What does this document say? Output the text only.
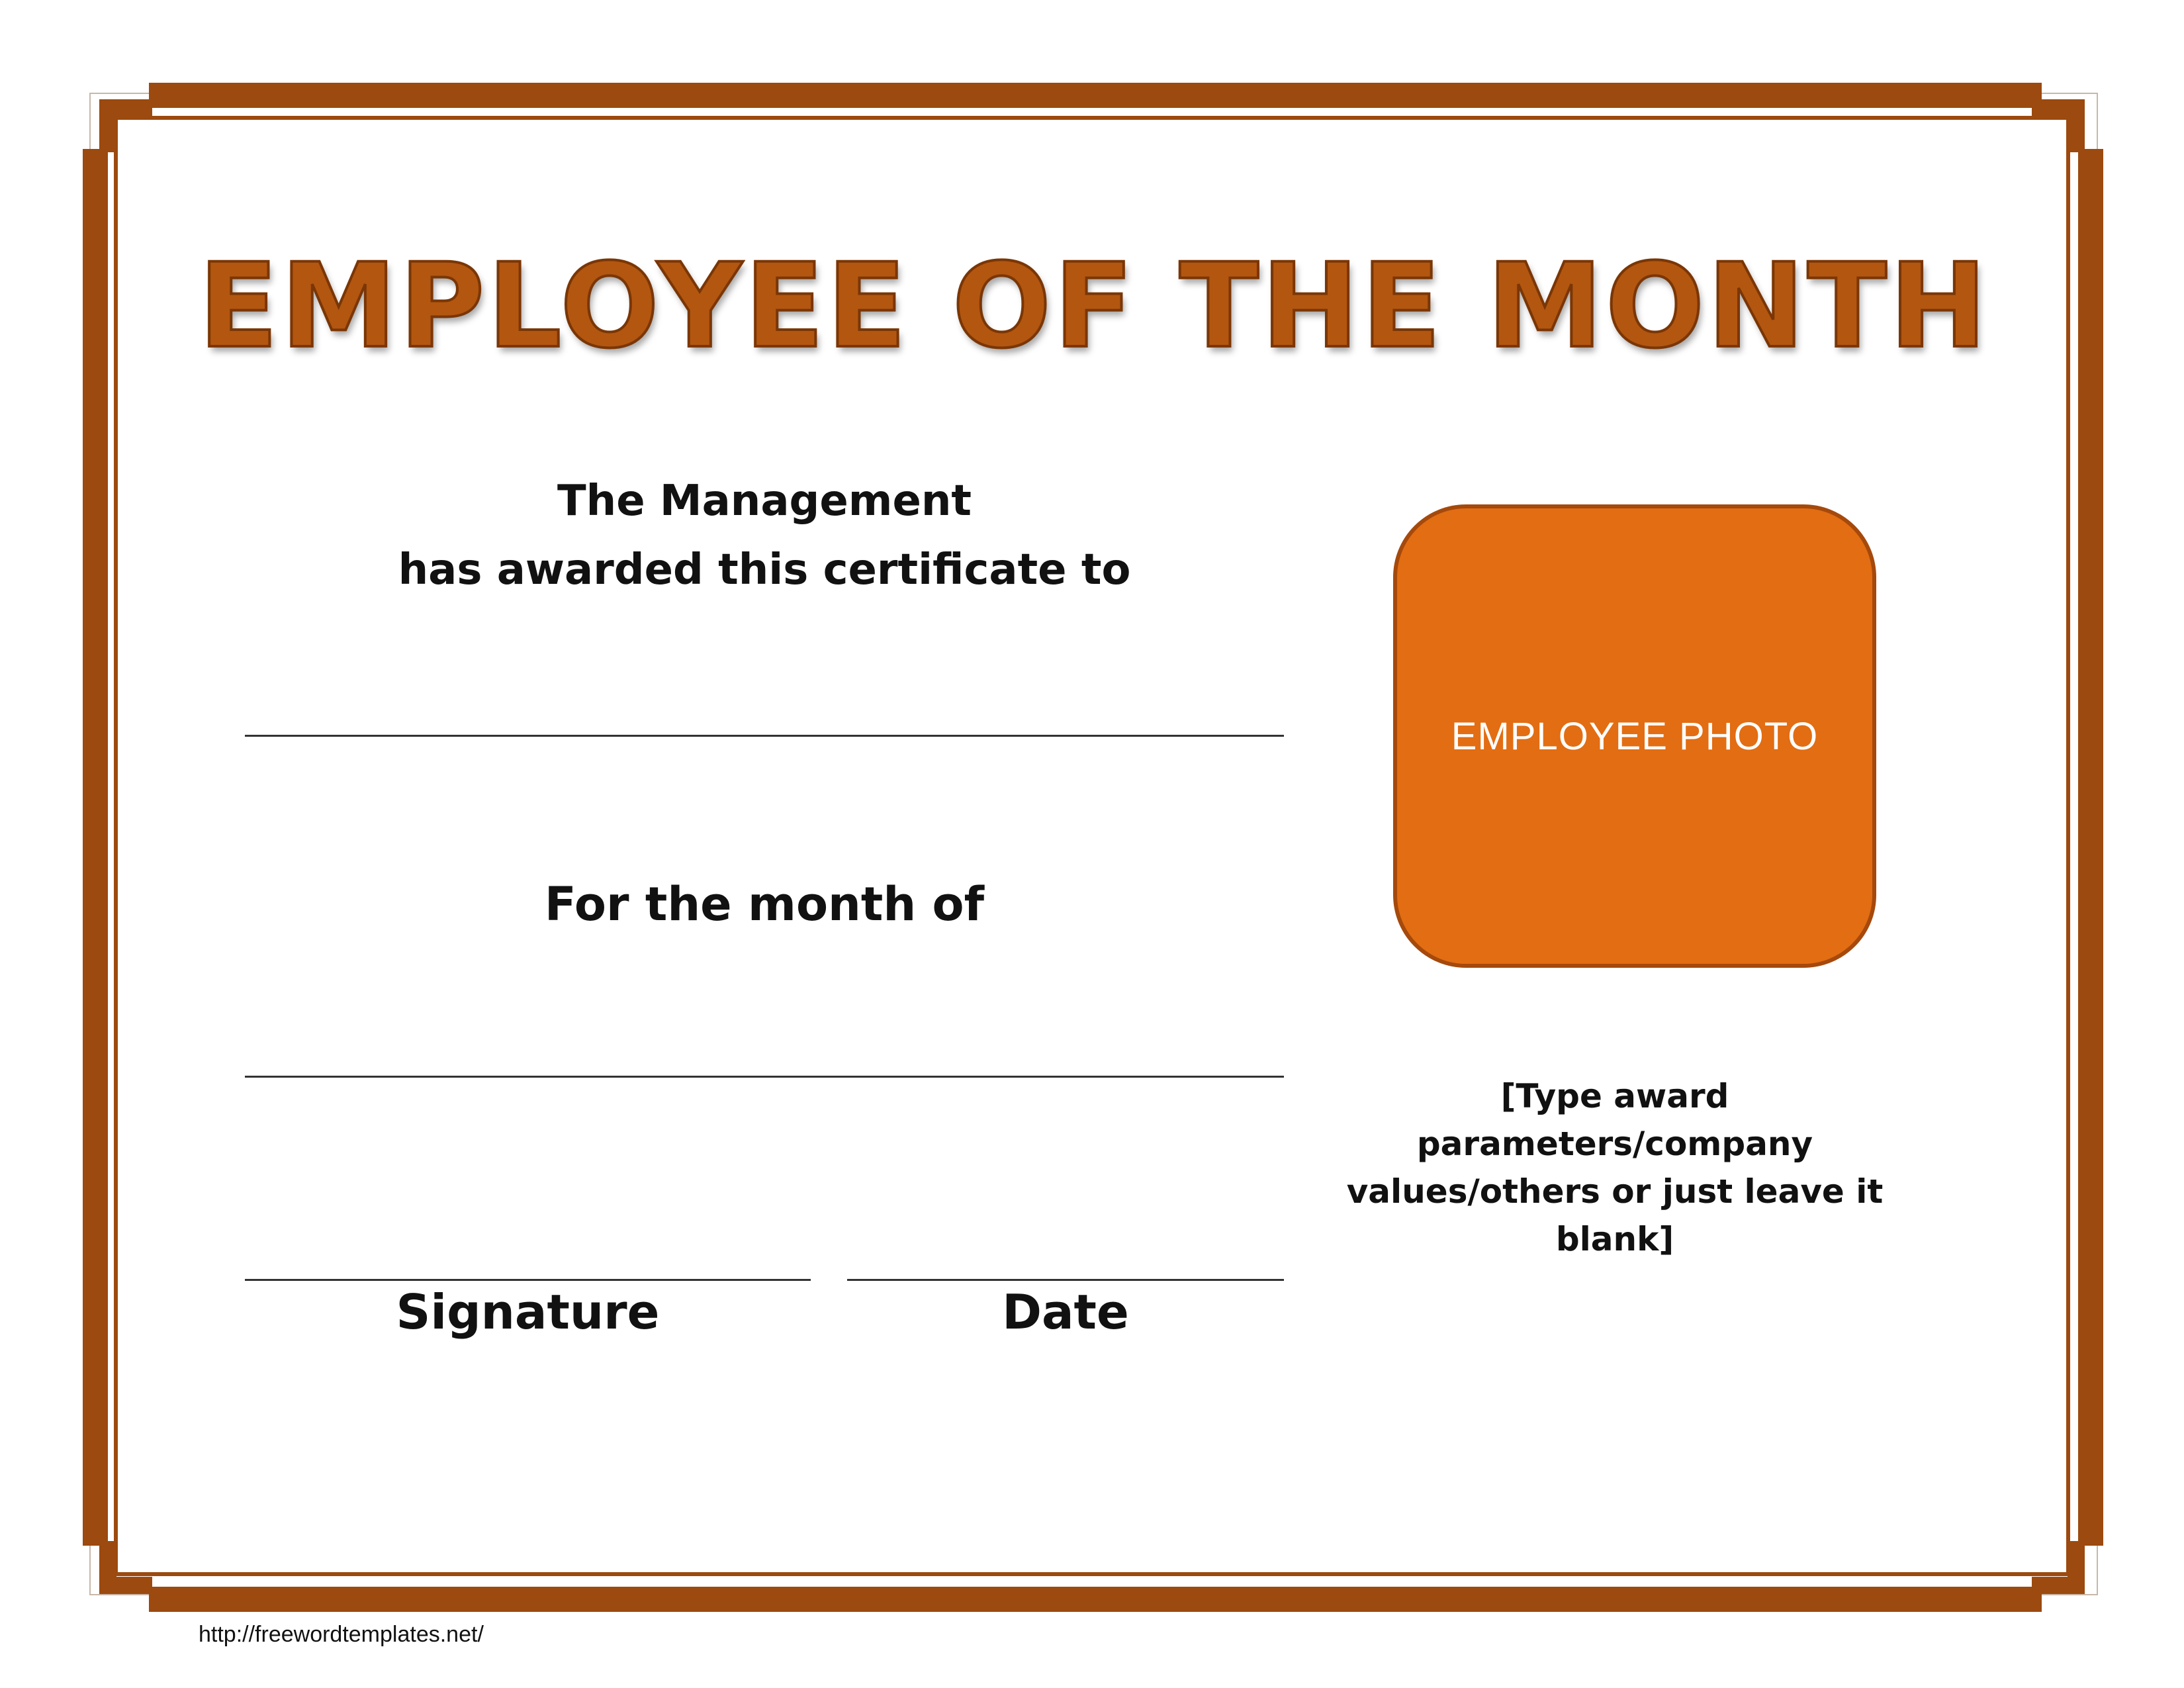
EMPLOYEE OF THE MONTH
The Management
has awarded this certificate to
For the month of
Signature	Date
EMPLOYEE PHOTO
[Type award parameters/company
values/others or just leave it blank]
http://freewordtemplates.net/
